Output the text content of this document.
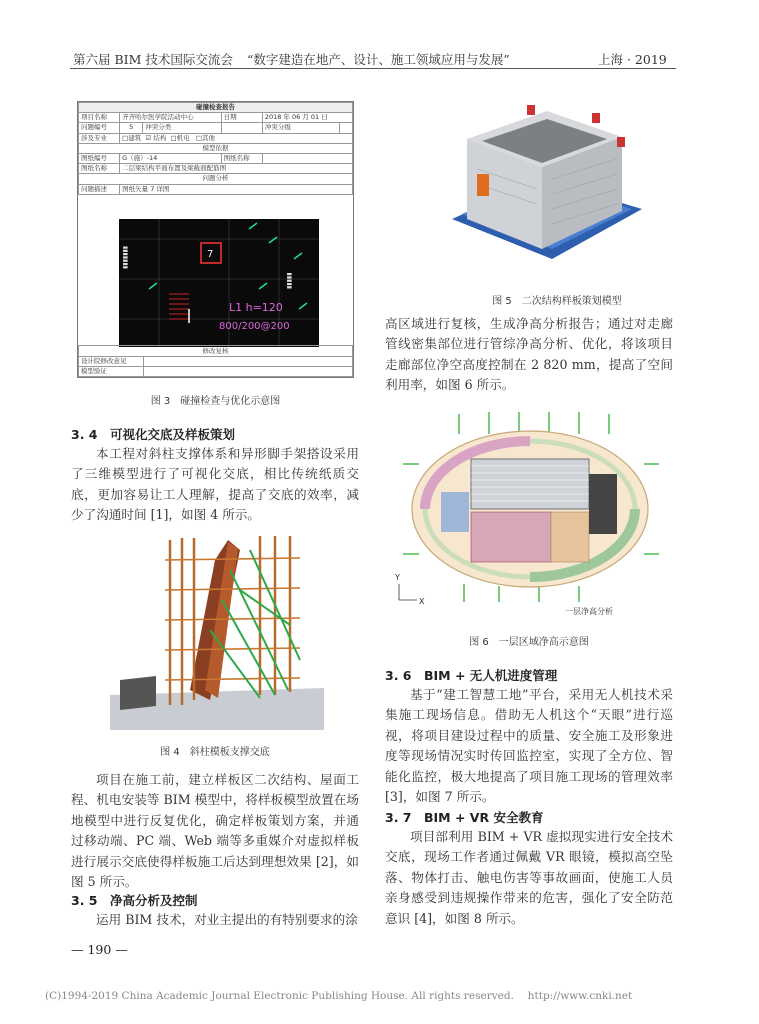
第六届 BIM 技术国际交流会 “数字建造在地产、设计、施工领域应用与发展”	上海 · 2019
碰撞检查报告					
项目名称	齐齐哈尔医学院活动中心		日期	2018 年 06 月 01 日	
问题编号	5	冲突分类		冲突分级	
涉及专业	□建筑 ☑ 结构 □机电 □其他				
模型依据					
图纸编号	G（施）-14		图纸名称		
图纸名称	二层梁结构平面布置及梁截面配筋图				
问题分析					
问题描述	图纸矢量 7 详图				
7
L1 h=120
800/200@200
▮▮▮▮▮▮▮
▮▮▮▮▮
修改复核	
设计院修改意见	
模型验证	
图 3　碰撞检查与优化示意图
3. 4　可视化交底及样板策划
本工程对斜柱支撑体系和异形脚手架搭设采用了三维模型进行了可视化交底，相比传统纸质交底，更加容易让工人理解，提高了交底的效率，减少了沟通时间 [1]，如图 4 所示。
图 4　斜柱模板支撑交底
项目在施工前，建立样板区二次结构、屋面工程、机电安装等 BIM 模型中，将样板模型放置在场地模型中进行反复优化，确定样板策划方案，并通过移动端、PC 端、Web 端等多重媒介对虚拟样板进行展示交底使得样板施工后达到理想效果 [2]，如图 5 所示。
3. 5　净高分析及控制
运用 BIM 技术，对业主提出的有特别要求的涂
— 190 —
图 5　二次结构样板策划模型
高区域进行复核，生成净高分析报告；通过对走廊管线密集部位进行管综净高分析、优化，将该项目走廊部位净空高度控制在 2 820 mm，提高了空间利用率，如图 6 所示。
Y
X
一层净高分析
图 6　一层区域净高示意图
3. 6　BIM + 无人机进度管理
基于“建工智慧工地”平台，采用无人机技术采集施工现场信息。借助无人机这个“天眼”进行巡视，将项目建设过程中的质量、安全施工及形象进度等现场情况实时传回监控室，实现了全方位、智能化监控，极大地提高了项目施工现场的管理效率 [3]，如图 7 所示。
3. 7　BIM + VR 安全教育
项目部利用 BIM + VR 虚拟现实进行安全技术交底，现场工作者通过佩戴 VR 眼镜，模拟高空坠落、物体打击、触电伤害等事故画面，使施工人员亲身感受到违规操作带来的危害，强化了安全防范意识 [4]，如图 8 所示。
(C)1994-2019 China Academic Journal Electronic Publishing House. All rights reserved.　 http://www.cnki.net
